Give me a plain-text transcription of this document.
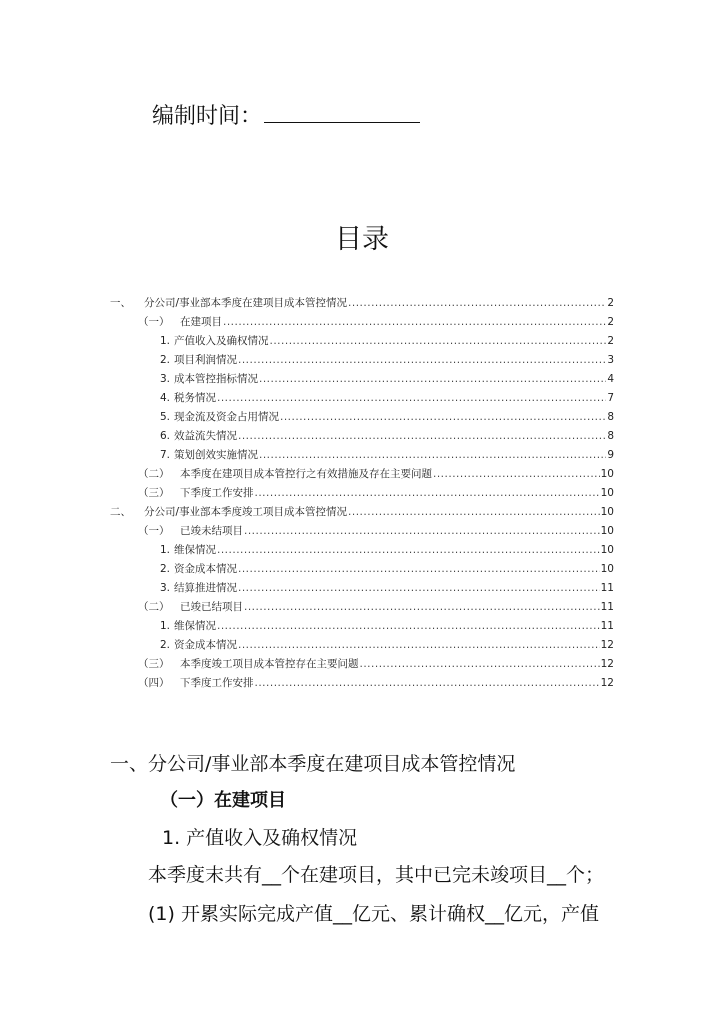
编制时间：
目录
一、	分公司/事业部本季度在建项目成本管控情况 .....	2
（一）	在建项目 .....	2
1. 产值收入及确权情况 .....	2
2. 项目利润情况 .....	3
3. 成本管控指标情况 .....	4
4. 税务情况 .....	7
5. 现金流及资金占用情况 .....	8
6. 效益流失情况 .....	8
7. 策划创效实施情况 .....	9
（二）	本季度在建项目成本管控行之有效措施及存在主要问题 .....	10
（三）	下季度工作安排 .....	10
二、	分公司/事业部本季度竣工项目成本管控情况 .....	10
（一）	已竣未结项目 .....	10
1. 维保情况 .....	10
2. 资金成本情况 .....	10
3. 结算推进情况 .....	11
（二）	已竣已结项目 .....	11
1. 维保情况 .....	11
2. 资金成本情况 .....	12
（三）	本季度竣工项目成本管控存在主要问题 .....	12
（四）	下季度工作安排 .....	12
一、分公司/事业部本季度在建项目成本管控情况
（一）在建项目
1. 产值收入及确权情况
本季度末共有__个在建项目，其中已完未竣项目__个；
(1) 开累实际完成产值__亿元、累计确权__亿元，产值
